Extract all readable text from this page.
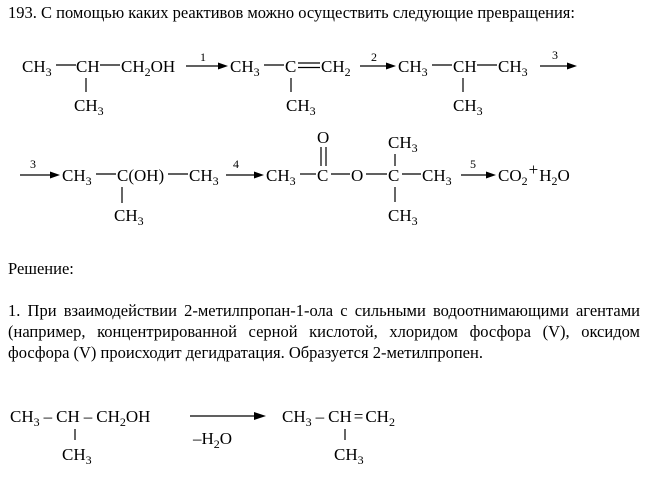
193. С помощью каких реактивов можно осуществить следующие превращения:

$CH_3$ CH $CH_2OH$
$CH_3$
1 $CH_3$ C $CH_2$
$CH_3$
2 $CH_3$ CH $CH_3$
$CH_3$
3
3
$CH_3$ C(OH) $CH_3$
$CH_3$
4
$CH_3$ C
O
O C $CH_3$
$CH_3$
$CH_3$
5
$CO_2+H_2O$

Решение:

1. При взаимодействии 2-метилпропан-1-ола с сильными водоотнимающими агентами (например, концентрированной серной кислотой, хлоридом фосфора (V), оксидом фосфора (V) происходит дегидратация. Образуется 2-метилпропен.

$CH_3$ – CH – $CH_2OH$
$CH_3$
$-H_2O$
$CH_3$ – CH = $CH_2$
$CH_3$
